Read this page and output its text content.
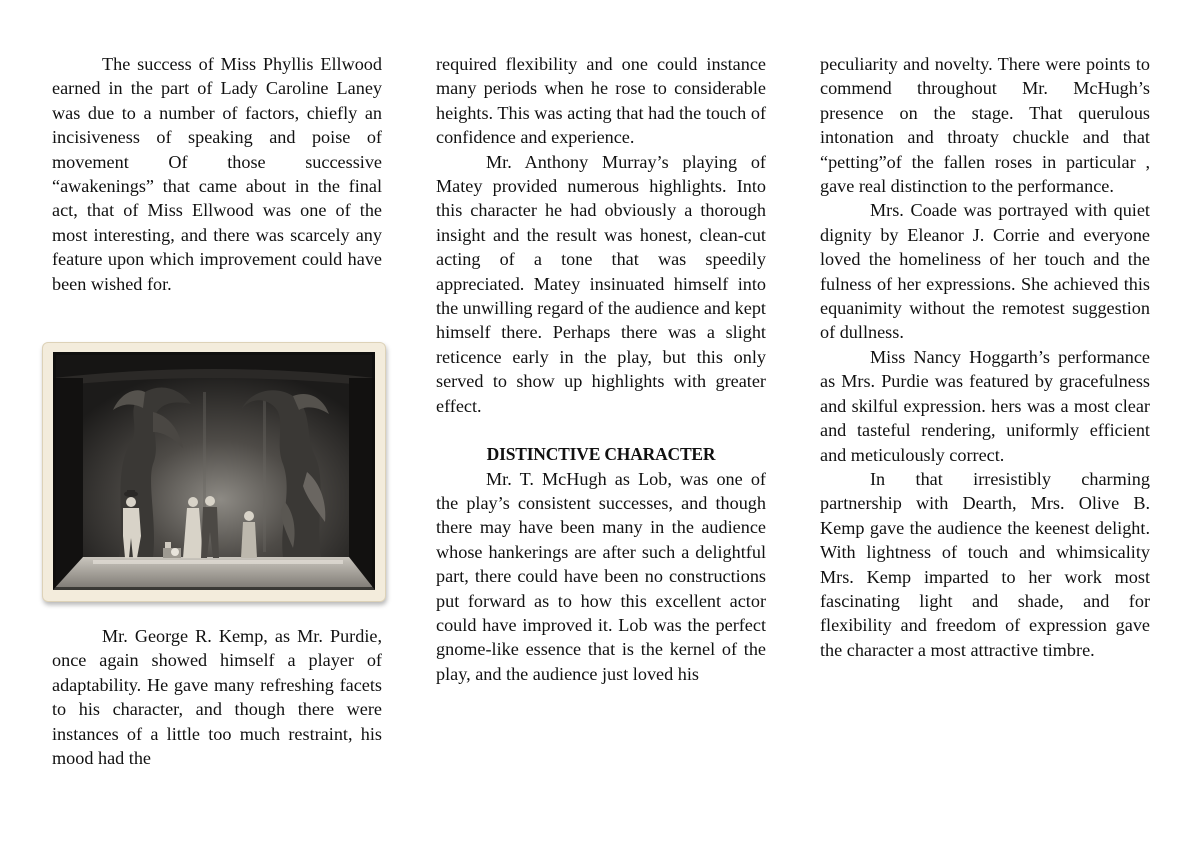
The success of Miss Phyllis Ellwood earned in the part of Lady Caroline Laney was due to a number of factors, chiefly an incisiveness of speaking and poise of movement Of those successive “awakenings” that came about in the final act, that of Miss Ellwood was one of the most interesting, and there was scarcely any feature upon which improvement could have been wished for.

Mr. George R. Kemp, as Mr. Purdie, once again showed himself a player of adaptability. He gave many refreshing facets to his character, and though there were instances of a little too much restraint, his mood had the

required flexibility and one could instance many periods when he rose to considerable heights. This was acting that had the touch of confidence and experience.

Mr. Anthony Murray’s playing of Matey provided numerous highlights. Into this character he had obviously a thorough insight and the result was honest, clean-cut acting of a tone that was speedily appreciated. Matey insinuated himself into the unwilling regard of the audience and kept himself there. Perhaps there was a slight reticence early in the play, but this only served to show up highlights with greater effect.

DISTINCTIVE CHARACTER

Mr. T. McHugh as Lob, was one of the play’s consistent successes, and though there may have been many in the audience whose hankerings are after such a delightful part, there could have been no constructions put forward as to how this excellent actor could have improved it. Lob was the perfect gnome-like essence that is the kernel of the play, and the audience just loved his

peculiarity and novelty. There were points to commend throughout Mr. McHugh’s presence on the stage. That querulous intonation and throaty chuckle and that “petting”of the fallen roses in particular , gave real distinction to the performance.

Mrs. Coade was portrayed with quiet dignity by Eleanor J. Corrie and everyone loved the homeliness of her touch and the fulness of her expressions. She achieved this equanimity without the remotest suggestion of dullness.

Miss Nancy Hoggarth’s performance as Mrs. Purdie was featured by gracefulness and skilful expression. hers was a most clear and tasteful rendering, uniformly efficient and meticulously correct.

In that irresistibly charming partnership with Dearth, Mrs. Olive B. Kemp gave the audience the keenest delight. With lightness of touch and whimsicality Mrs. Kemp imparted to her work most fascinating light and shade, and for flexibility and freedom of expression gave the character a most attractive timbre.
